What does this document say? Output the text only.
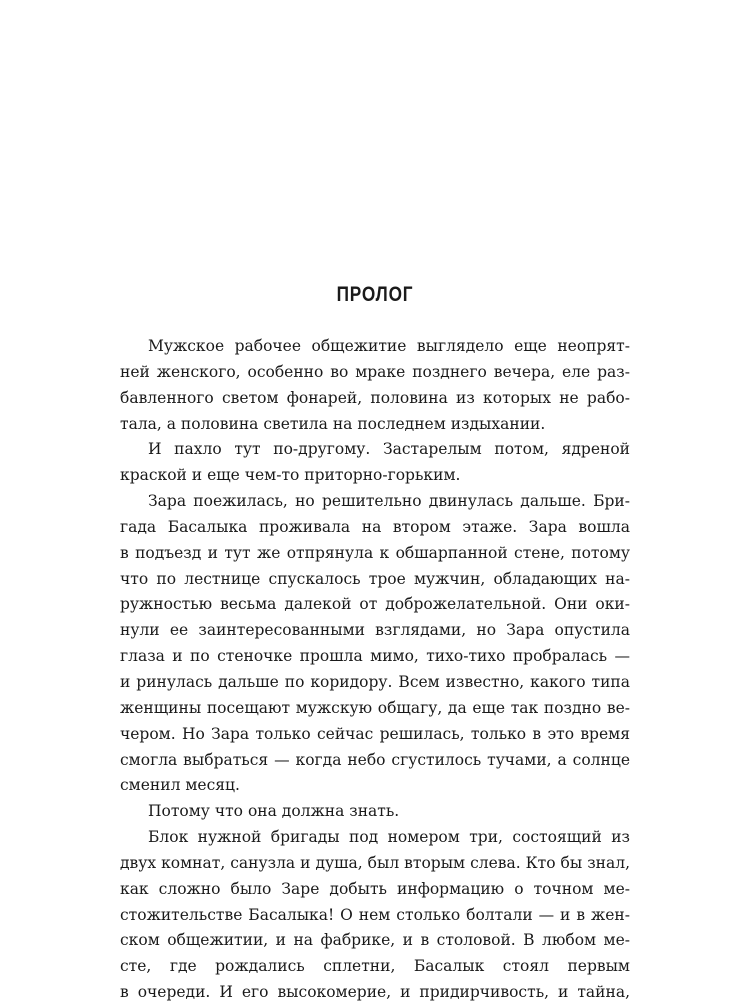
ПРОЛОГ
Мужское рабочее общежитие выглядело еще неопрят-
ней женского, особенно во мраке позднего вечера, еле раз-
бавленного светом фонарей, половина из которых не рабо-
тала, а половина светила на последнем издыхании.
И пахло тут по-другому. Застарелым потом, ядреной
краской и еще чем-то приторно-горьким.
Зара поежилась, но решительно двинулась дальше. Бри-
гада Басалыка проживала на втором этаже. Зара вошла
в подъезд и тут же отпрянула к обшарпанной стене, потому
что по лестнице спускалось трое мужчин, обладающих на-
ружностью весьма далекой от доброжелательной. Они оки-
нули ее заинтересованными взглядами, но Зара опустила
глаза и по стеночке прошла мимо, тихо-тихо пробралась —
и ринулась дальше по коридору. Всем известно, какого типа
женщины посещают мужскую общагу, да еще так поздно ве-
чером. Но Зара только сейчас решилась, только в это время
смогла выбраться — когда небо сгустилось тучами, а солнце
сменил месяц.
Потому что она должна знать.
Блок нужной бригады под номером три, состоящий из
двух комнат, санузла и душа, был вторым слева. Кто бы знал,
как сложно было Заре добыть информацию о точном ме-
стожительстве Басалыка! О нем столько болтали — и в жен-
ском общежитии, и на фабрике, и в столовой. В любом ме-
сте, где рождались сплетни, Басалык стоял первым
в очереди. И его высокомерие, и придирчивость, и тайна,
